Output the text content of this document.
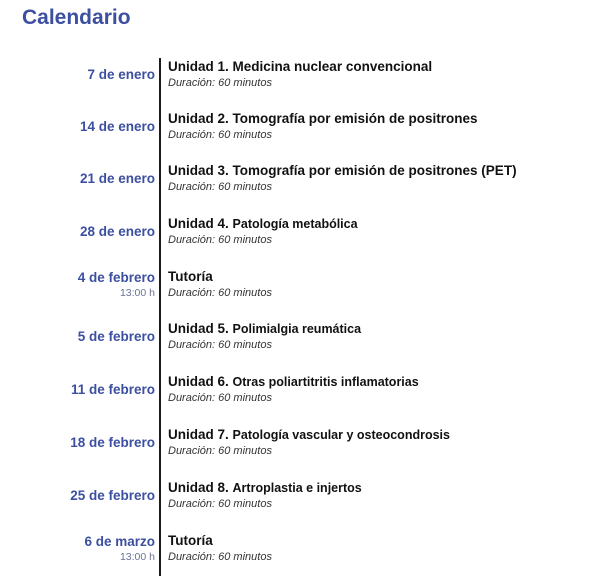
Calendario
7 de enero
Unidad 1. Medicina nuclear convencional
Duración: 60 minutos
14 de enero
Unidad 2. Tomografía por emisión de positrones
Duración: 60 minutos
21 de enero
Unidad 3. Tomografía por emisión de positrones (PET)
Duración: 60 minutos
28 de enero
Unidad 4. Patología metabólica
Duración: 60 minutos
4 de febrero
13:00 h
Tutoría
Duración: 60 minutos
5 de febrero
Unidad 5. Polimialgia reumática
Duración: 60 minutos
11 de febrero
Unidad 6. Otras poliartitritis inflamatorias
Duración: 60 minutos
18 de febrero
Unidad 7. Patología vascular y osteocondrosis
Duración: 60 minutos
25 de febrero
Unidad 8. Artroplastia e injertos
Duración: 60 minutos
6 de marzo
13:00 h
Tutoría
Duración: 60 minutos
